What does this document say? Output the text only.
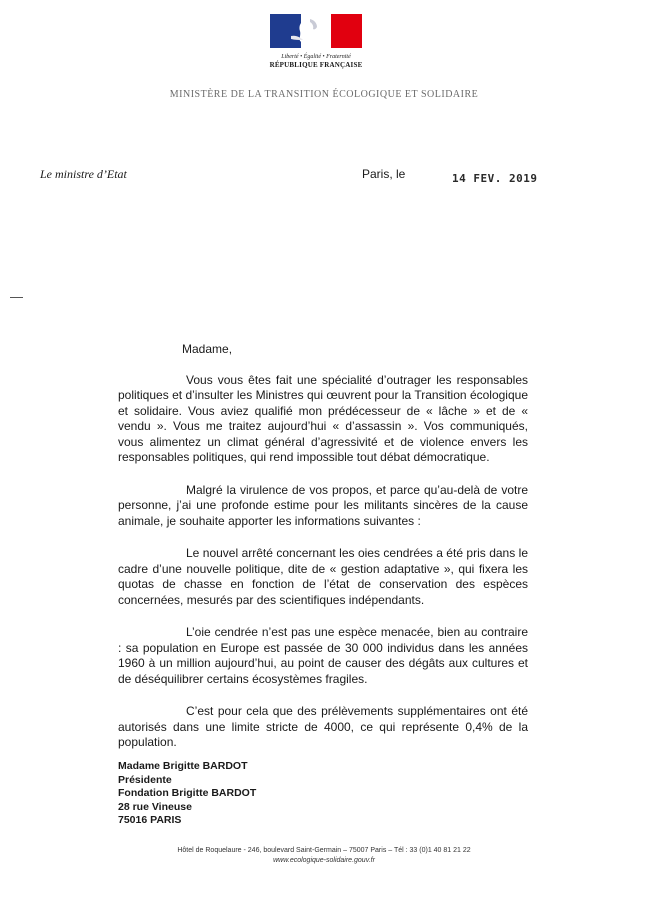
Liberté • Égalité • Fraternité
RÉPUBLIQUE FRANÇAISE
MINISTÈRE DE LA TRANSITION ÉCOLOGIQUE ET SOLIDAIRE
Le ministre d’Etat	Paris, le	14 FEV. 2019

Madame,

Vous vous êtes fait une spécialité d’outrager les responsables politiques et d’insulter les Ministres qui œuvrent pour la Transition écologique et solidaire. Vous aviez qualifié mon prédécesseur de « lâche » et de « vendu ». Vous me traitez aujourd’hui « d’assassin ». Vos communiqués, vous alimentez un climat général d’agressivité et de violence envers les responsables politiques, qui rend impossible tout débat démocratique.

Malgré la virulence de vos propos, et parce qu’au-delà de votre personne, j’ai une profonde estime pour les militants sincères de la cause animale, je souhaite apporter les informations suivantes :

Le nouvel arrêté concernant les oies cendrées a été pris dans le cadre d’une nouvelle politique, dite de « gestion adaptative », qui fixera les quotas de chasse en fonction de l’état de conservation des espèces concernées, mesurés par des scientifiques indépendants.

L’oie cendrée n’est pas une espèce menacée, bien au contraire : sa population en Europe est passée de 30 000 individus dans les années 1960 à un million aujourd’hui, au point de causer des dégâts aux cultures et de déséquilibrer certains écosystèmes fragiles.

C’est pour cela que des prélèvements supplémentaires ont été autorisés dans une limite stricte de 4000, ce qui représente 0,4% de la population.

Madame Brigitte BARDOT
Présidente
Fondation Brigitte BARDOT
28 rue Vineuse
75016 PARIS
Hôtel de Roquelaure - 246, boulevard Saint-Germain – 75007 Paris – Tél : 33 (0)1 40 81 21 22
www.ecologique-solidaire.gouv.fr
